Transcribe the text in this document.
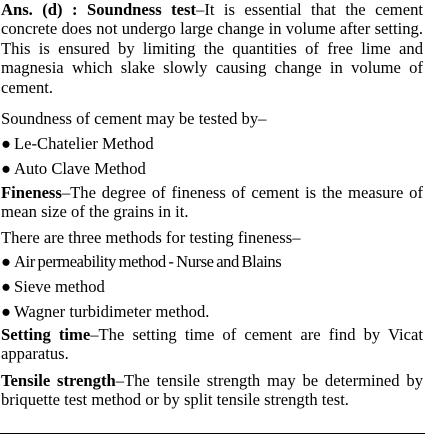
Ans. (d) : Soundness test–It is essential that the cement concrete does not undergo large change in volume after setting. This is ensured by limiting the quantities of free lime and magnesia which slake slowly causing change in volume of cement.

Soundness of cement may be tested by–

● Le-Chatelier Method

● Auto Clave Method

Fineness–The degree of fineness of cement is the measure of mean size of the grains in it.

There are three methods for testing fineness–

● Air permeability method - Nurse and Blains

● Sieve method

● Wagner turbidimeter method.

Setting time–The setting time of cement are find by Vicat apparatus.

Tensile strength–The tensile strength may be determined by briquette test method or by split tensile strength test.
